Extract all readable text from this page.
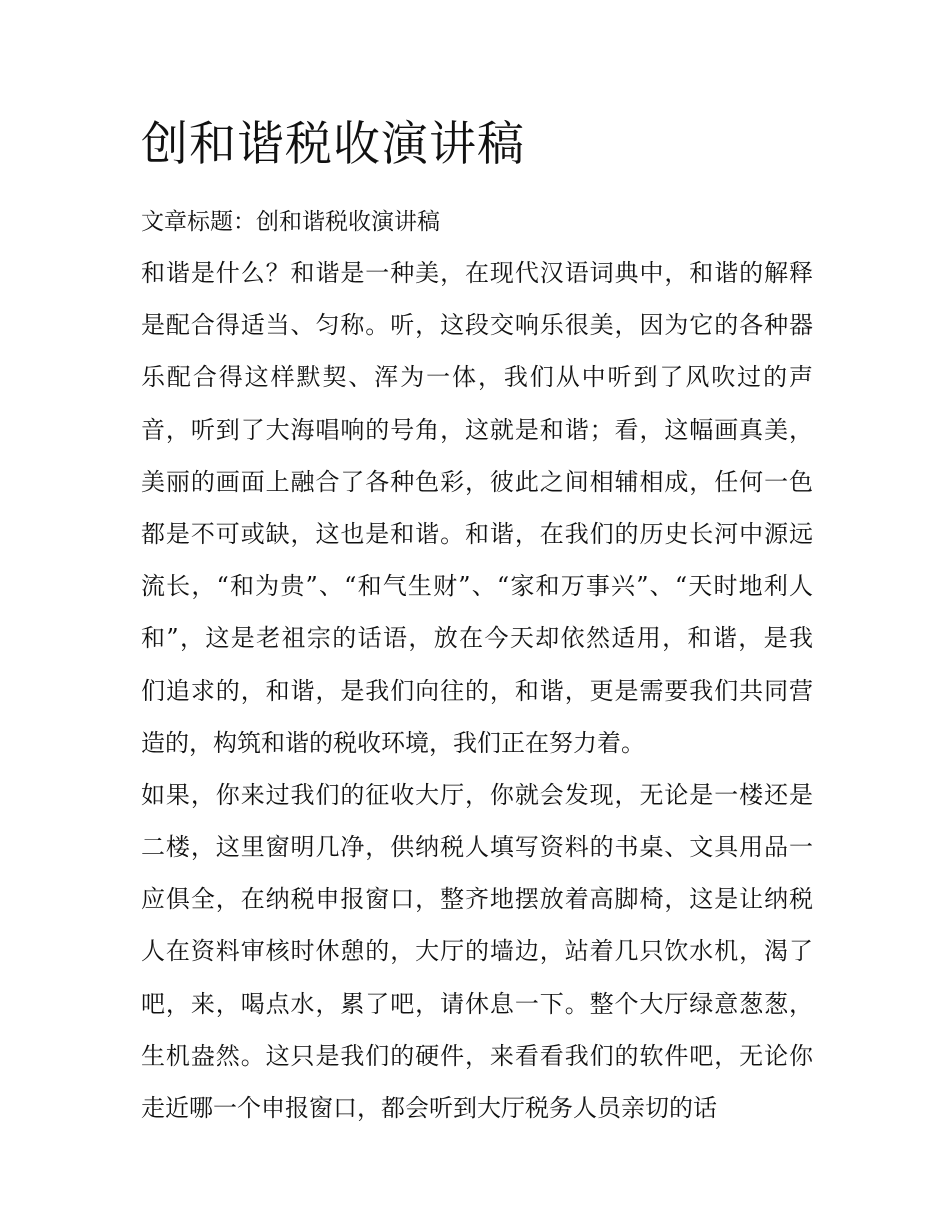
创和谐税收演讲稿
文章标题：创和谐税收演讲稿
和谐是什么？和谐是一种美，在现代汉语词典中，和谐的解释
是配合得适当、匀称。听，这段交响乐很美，因为它的各种器
乐配合得这样默契、浑为一体，我们从中听到了风吹过的声
音，听到了大海唱响的号角，这就是和谐；看，这幅画真美，
美丽的画面上融合了各种色彩，彼此之间相辅相成，任何一色
都是不可或缺，这也是和谐。和谐，在我们的历史长河中源远
流长，“和为贵”、“和气生财”、“家和万事兴”、“天时地利人
和”，这是老祖宗的话语，放在今天却依然适用，和谐，是我
们追求的，和谐，是我们向往的，和谐，更是需要我们共同营
造的，构筑和谐的税收环境，我们正在努力着。
如果，你来过我们的征收大厅，你就会发现，无论是一楼还是
二楼，这里窗明几净，供纳税人填写资料的书桌、文具用品一
应俱全，在纳税申报窗口，整齐地摆放着高脚椅，这是让纳税
人在资料审核时休憩的，大厅的墙边，站着几只饮水机，渴了
吧，来，喝点水，累了吧，请休息一下。整个大厅绿意葱葱，
生机盎然。这只是我们的硬件，来看看我们的软件吧，无论你
走近哪一个申报窗口，都会听到大厅税务人员亲切的话
